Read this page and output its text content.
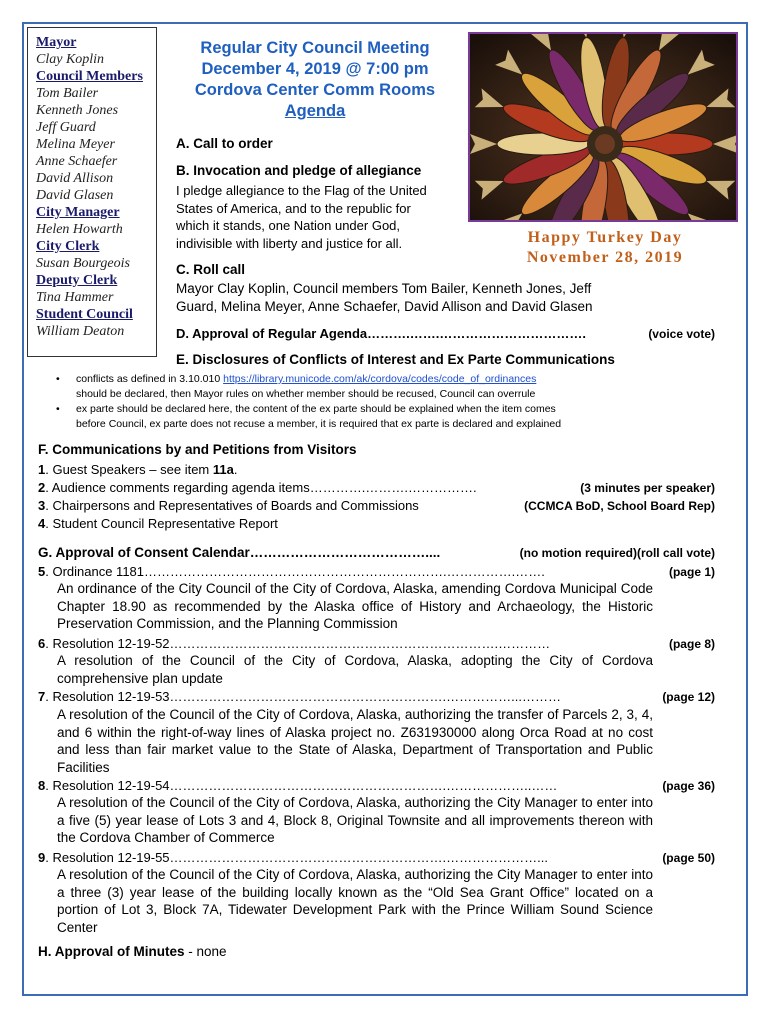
Mayor
Clay Koplin
Council Members
Tom Bailer
Kenneth Jones
Jeff Guard
Melina Meyer
Anne Schaefer
David Allison
David Glasen
City Manager
Helen Howarth
City Clerk
Susan Bourgeois
Deputy Clerk
Tina Hammer
Student Council
William Deaton
Regular City Council Meeting
December 4, 2019 @ 7:00 pm
Cordova Center Comm Rooms
Agenda
Happy Turkey Day
November 28, 2019
A. Call to order
B. Invocation and pledge of allegiance
I pledge allegiance to the Flag of the United
States of America, and to the republic for
which it stands, one Nation under God,
indivisible with liberty and justice for all.
C. Roll call
Mayor Clay Koplin, Council members Tom Bailer, Kenneth Jones, Jeff
Guard, Melina Meyer, Anne Schaefer, David Allison and David Glasen
D. Approval of Regular Agenda……….…….…………………………….	(voice vote)
E. Disclosures of Conflicts of Interest and Ex Parte Communications
• conflicts as defined in 3.10.010 https://library.municode.com/ak/cordova/codes/code_of_ordinances
should be declared, then Mayor rules on whether member should be recused, Council can overrule
• ex parte should be declared here, the content of the ex parte should be explained when the item comes
before Council, ex parte does not recuse a member, it is required that ex parte is declared and explained
F. Communications by and Petitions from Visitors
1. Guest Speakers – see item 11a.
2. Audience comments regarding agenda items………….……….…………….	(3 minutes per speaker)
3. Chairpersons and Representatives of Boards and Commissions	(CCMCA BoD, School Board Rep)
4. Student Council Representative Report
G. Approval of Consent Calendar…………………………………....	(no motion required)(roll call vote)
5. Ordinance 1181…………………………………………………………….…………….…….	(page 1)
An ordinance of the City Council of the City of Cordova, Alaska, amending Cordova Municipal Code Chapter 18.90 as recommended by the Alaska office of History and Archaeology, the Historic Preservation Commission, and the Planning Commission
6. Resolution 12-19-52………………………………………………………………….…………	(page 8)
A resolution of the Council of the City of Cordova, Alaska, adopting the City of Cordova comprehensive plan update
7. Resolution 12-19-53……………………………………………………….……………...………	(page 12)
A resolution of the Council of the City of Cordova, Alaska, authorizing the transfer of Parcels 2, 3, 4, and 6 within the right-of-way lines of Alaska project no. Z631930000 along Orca Road at no cost and less than fair market value to the State of Alaska, Department of Transportation and Public Facilities
8. Resolution 12-19-54……………………………………………………….………………..……	(page 36)
A resolution of the Council of the City of Cordova, Alaska, authorizing the City Manager to enter into a five (5) year lease of Lots 3 and 4, Block 8, Original Townsite and all improvements thereon with the Cordova Chamber of Commerce
9. Resolution 12-19-55……………………………………………………….…………………...	(page 50)
A resolution of the Council of the City of Cordova, Alaska, authorizing the City Manager to enter into a three (3) year lease of the building locally known as the “Old Sea Grant Office” located on a portion of Lot 3, Block 7A, Tidewater Development Park with the Prince William Sound Science Center
H. Approval of Minutes - none
